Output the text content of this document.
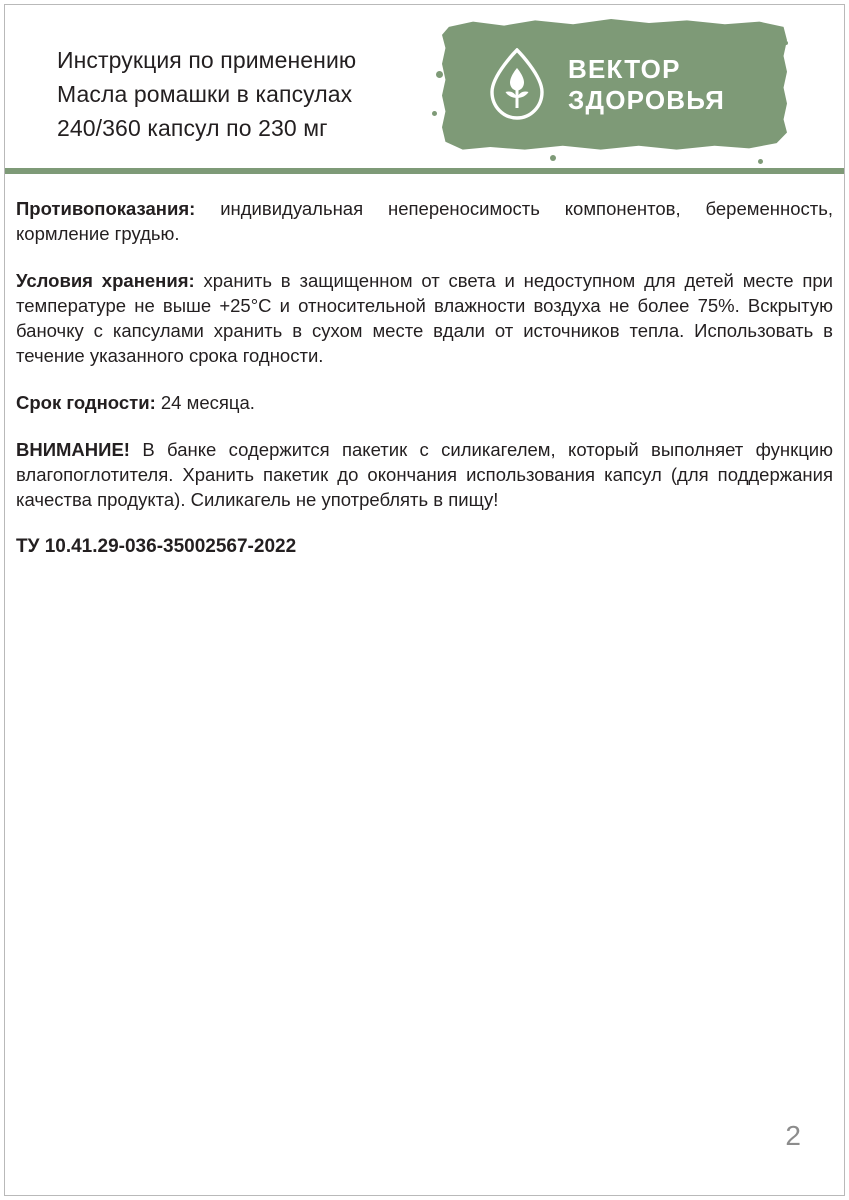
Инструкция по применению
Масла ромашки в капсулах
240/360 капсул по 230 мг
ВЕКТОР
ЗДОРОВЬЯ

Противопоказания: индивидуальная непереносимость компонентов, беременность, кормление грудью.

Условия хранения: хранить в защищенном от света и недоступном для детей месте при температуре не выше +25°С и относительной влажности воздуха не более 75%. Вскрытую баночку с капсулами хранить в сухом месте вдали от источников тепла. Использовать в течение указанного срока годности.

Срок годности: 24 месяца.

ВНИМАНИЕ! В банке содержится пакетик с силикагелем, который выполняет функцию влагопоглотителя. Хранить пакетик до окончания использования капсул (для поддержания качества продукта). Силикагель не употреблять в пищу!

ТУ 10.41.29-036-35002567-2022

2
